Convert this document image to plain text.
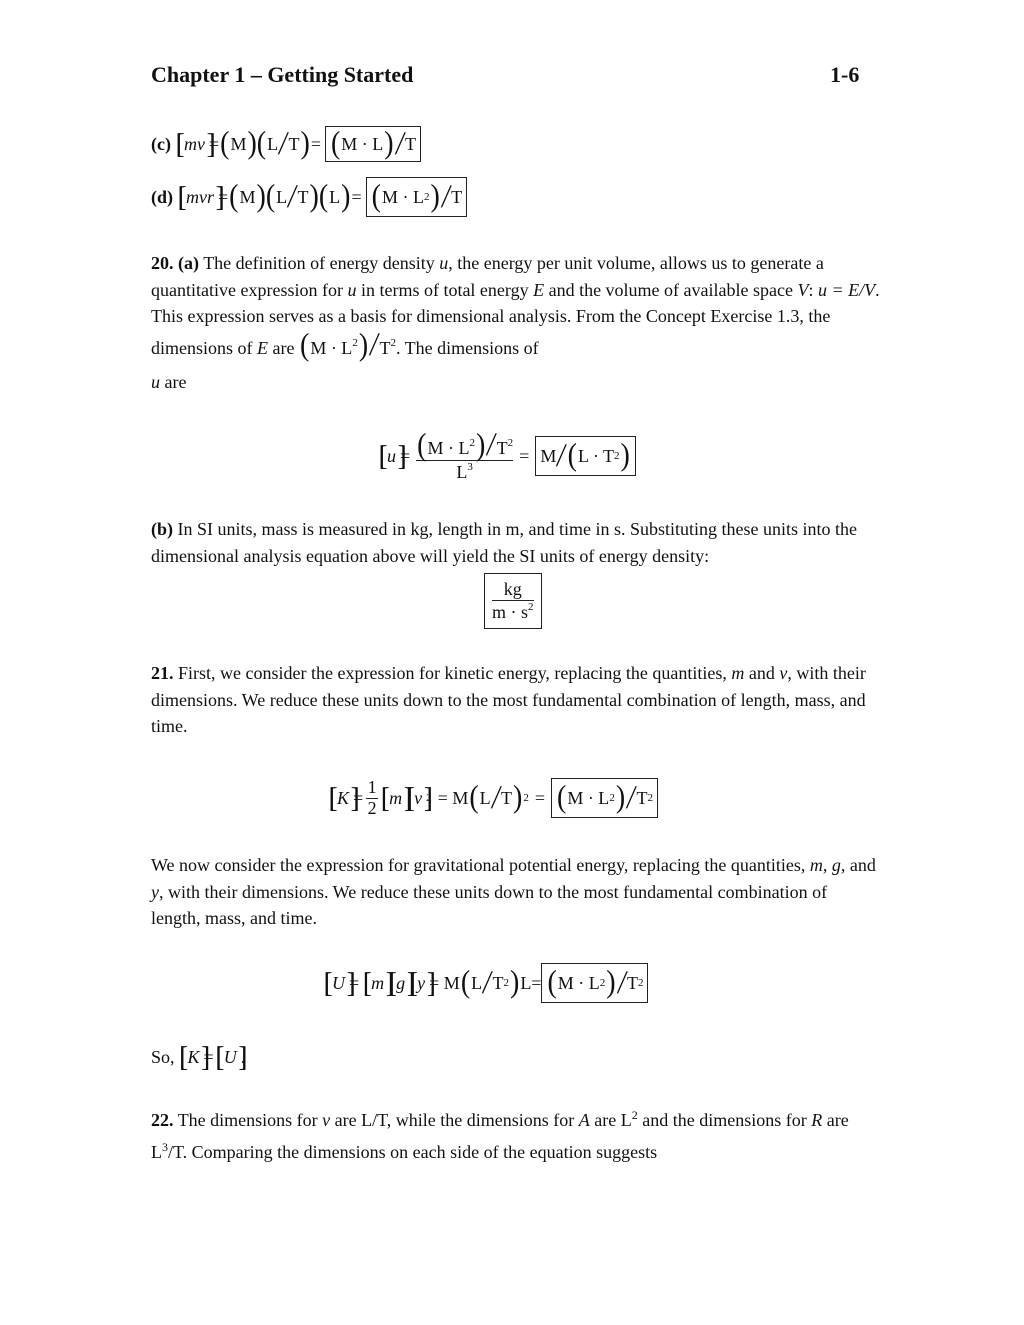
Chapter 1 – Getting Started	1-6
(c) mv = ( M )( L
/
T ) = ( M · L ) /
T
(d) mvr = ( M )( L
/
T )( L ) = ( M · L 2 ) /
T

20. (a) The definition of energy density u, the energy per unit volume, allows us to generate a quantitative expression for u in terms of total energy E and the volume of available space V: u = E/V. This expression serves as a basis for dimensional analysis. From the Concept Exercise 1.3, the dimensions of E are $(M \cdot L^2)/T^2$. The dimensions of

u are

$u = \frac{(M \cdot L^2)/T^2}{L^3} = M$
/ ( L · T 2 )

(b) In SI units, mass is measured in kg, length in m, and time in s. Substituting these units into the dimensional analysis equation above will yield the SI units of energy density:

$\frac{kg}{m \cdot s^2}$

21. First, we consider the expression for kinetic energy, replacing the quantities, m and v, with their dimensions. We reduce these units down to the most fundamental combination of length, mass, and time.

$K = \frac{1}{2}$ m v 2 = M ( L
/
T ) 2 = ( M · L 2 ) /
T 2

We now consider the expression for gravitational potential energy, replacing the quantities, m, g, and y, with their dimensions. We reduce these units down to the most fundamental combination of length, mass, and time.

U = m g y = M ( L
/
T 2 ) L= ( M · L 2 ) /
T 2
So, K = U .

22. The dimensions for v are L/T, while the dimensions for A are $L^2$ and the dimensions for R are $L^3/T$. Comparing the dimensions on each side of the equation suggests
